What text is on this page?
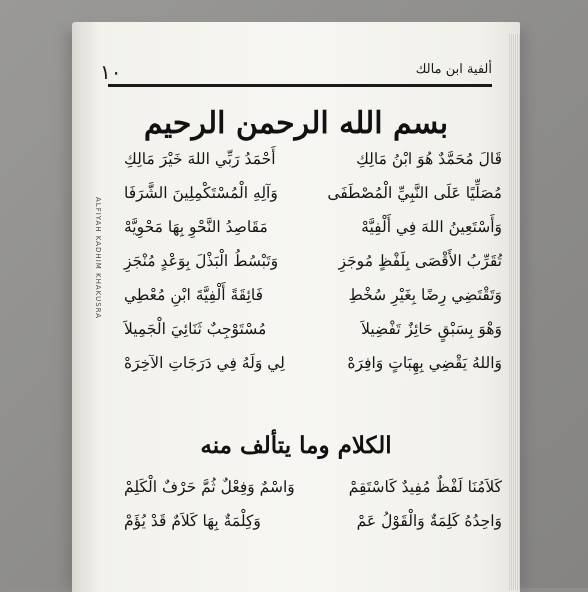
١٠	ألفية ابن مالك
ALFIYAH KADHIM KHAKUSRA
بسم الله الرحمن الرحيم
قَالَ مُحَمَّدٌ هُوَ ابْنُ مَالِكِ
أَحْمَدُ رَبِّي اللهَ خَيْرَ مَالِكِ
مُصَلِّيًا عَلَى النَّبِيِّ الْمُصْطَفَى
وَآلِهِ الْمُسْتَكْمِلِينَ الشَّرَفَا
وَأَسْتَعِينُ اللهَ فِي أَلْفِيَّهْ
مَقَاصِدُ النَّحْوِ بِهَا مَحْوِيَّهْ
تُقَرِّبُ الأَقْصَى بِلَفْظٍ مُوجَزِ
وَتَبْسُطُ الْبَذْلَ بِوَعْدٍ مُنْجَزِ
وَتَقْتَضِي رِضًا بِغَيْرِ سُخْطِ
فَائِقَةً أَلْفِيَّةَ ابْنِ مُعْطِي
وَهْوَ بِسَبْقٍ حَائِزٌ تَفْضِيلاَ
مُسْتَوْجِبٌ ثَنَائِيَ الْجَمِيلاَ
وَاللهُ يَقْضِي بِهِبَاتٍ وَافِرَهْ
لِي وَلَهُ فِي دَرَجَاتِ الآخِرَهْ
الكلام وما يتألف منه
كَلاَمُنَا لَفْظٌ مُفِيدٌ كَاسْتَقِمْ
وَاسْمٌ وَفِعْلٌ ثُمَّ حَرْفٌ الْكَلِمْ
وَاحِدُهُ كَلِمَةٌ وَالْقَوْلُ عَمْ
وَكِلْمَةٌ بِهَا كَلاَمٌ قَدْ يُؤَمْ
